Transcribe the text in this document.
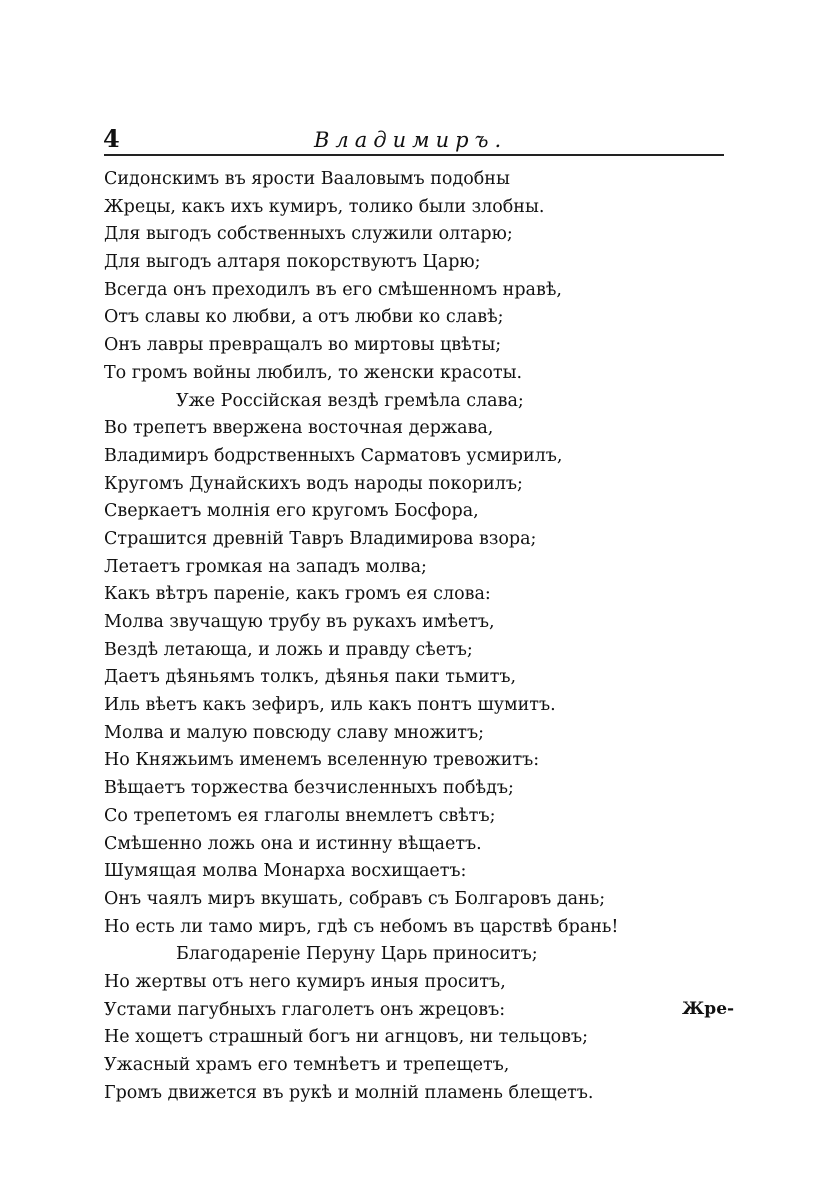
4	Владимиръ.
Сидонскимъ въ ярости Вааловымъ подобны
Жрецы, какъ ихъ кумиръ, толико были злобны.
Для выгодъ собственныхъ служили олтарю;
Для выгодъ алтаря покорствуютъ Царю;
Всегда онъ преходилъ въ его смѣшенномъ нравѣ,
Отъ славы ко любви, а отъ любви ко славѣ;
Онъ лавры превращалъ во миртовы цвѣты;
То громъ войны любилъ, то женски красоты.
Уже Россійская вездѣ гремѣла слава;
Во трепетъ ввержена восточная держава,
Владимиръ бодрственныхъ Сарматовъ усмирилъ,
Кругомъ Дунайскихъ водъ народы покорилъ;
Сверкаетъ молнія его кругомъ Босфора,
Страшится древній Тавръ Владимирова взора;
Летаетъ громкая на западъ молва;
Какъ вѣтръ пареніе, какъ громъ ея слова:
Молва звучащую трубу въ рукахъ имѣетъ,
Вездѣ летающа, и ложь и правду сѣетъ;
Даетъ дѣяньямъ толкъ, дѣянья паки тьмитъ,
Иль вѣетъ какъ зефиръ, иль какъ понтъ шумитъ.
Молва и малую повсюду славу множитъ;
Но Княжьимъ именемъ вселенную тревожитъ:
Вѣщаетъ торжества безчисленныхъ побѣдъ;
Со трепетомъ ея глаголы внемлетъ свѣтъ;
Смѣшенно ложь она и истинну вѣщаетъ.
Шумящая молва Монарха восхищаетъ:
Онъ чаялъ миръ вкушать, собравъ съ Болгаровъ дань;
Но есть ли тамо миръ, гдѣ съ небомъ въ царствѣ брань!
Благодареніе Перуну Царь приноситъ;
Но жертвы отъ него кумиръ иныя проситъ,
Устами пагубныхъ глаголетъ онъ жрецовъ:
Не хощетъ страшный богъ ни агнцовъ, ни тельцовъ;
Ужасный храмъ его темнѣетъ и трепещетъ,
Громъ движется въ рукѣ и молній пламень блещетъ.
Жре-
